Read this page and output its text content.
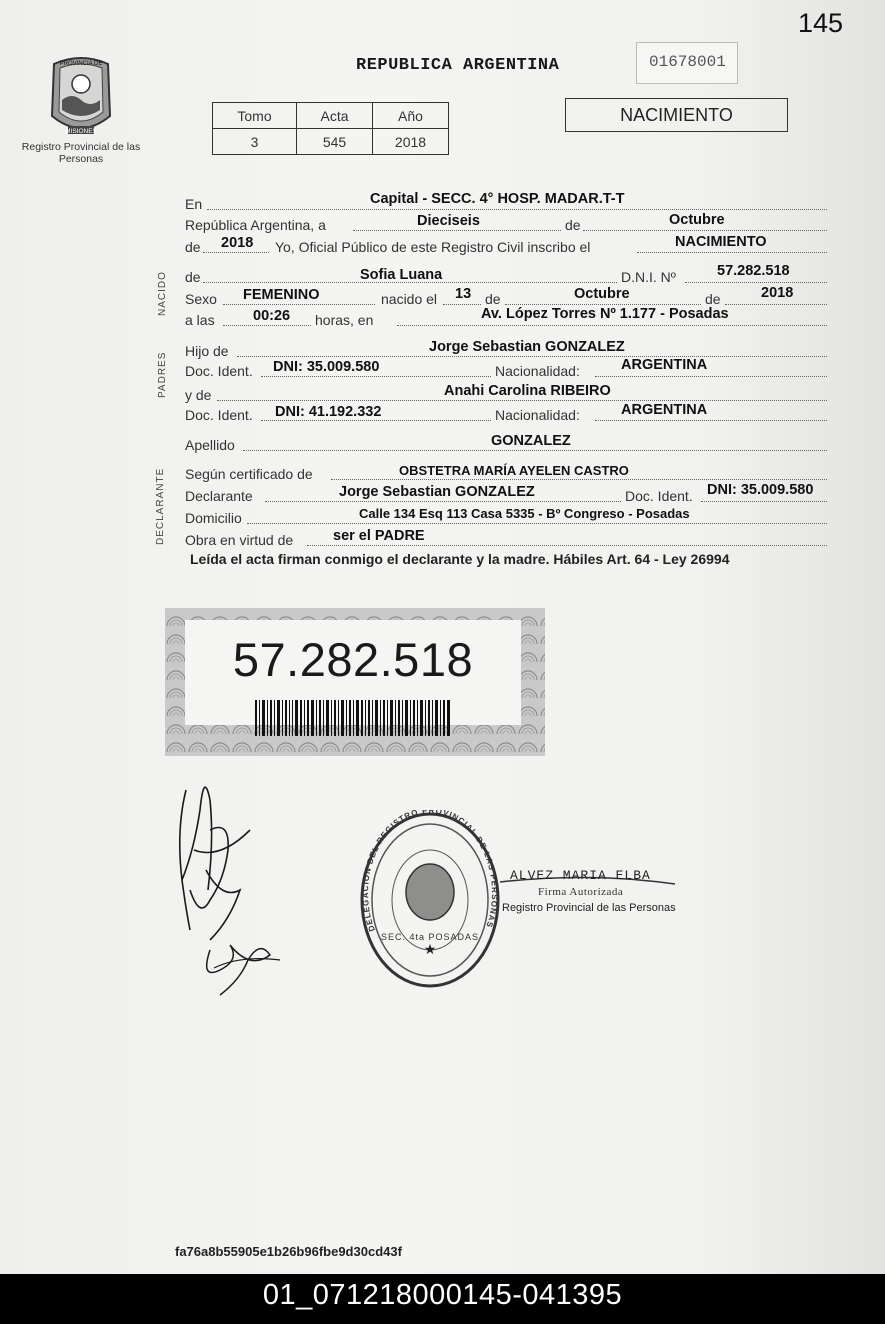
145
PROVINCIA DE
MISIONES
Registro Provincial de las Personas
REPUBLICA ARGENTINA	01678001
Tomo	Acta	Año
3	545	2018
NACIMIENTO
En	Capital - SECC. 4° HOSP. MADAR.T-T
República Argentina, a	Dieciseis	de	Octubre
de 2018 Yo, Oficial Público de este Registro Civil inscribo el	NACIMIENTO
de	Sofia Luana	D.N.I. Nº	57.282.518
Sexo FEMENINO	nacido el 13 de	Octubre	de	2018
a las	00:26 horas, en	Av. López Torres Nº 1.177 - Posadas
Hijo de	Jorge Sebastian GONZALEZ
Doc. Ident. DNI: 35.009.580	Nacionalidad:	ARGENTINA
y de	Anahi Carolina RIBEIRO
Doc. Ident. DNI: 41.192.332	Nacionalidad:	ARGENTINA
Apellido	GONZALEZ
Según certificado de	OBSTETRA MARÍA AYELEN CASTRO
Declarante	Jorge Sebastian GONZALEZ	Doc. Ident. DNI: 35.009.580
Domicilio	Calle 134 Esq 113 Casa 5335 - Bº Congreso - Posadas
Obra en virtud de	ser el PADRE
NACIDO
PADRES
DECLARANTE
Leída el acta firman conmigo el declarante y la madre. Hábiles Art. 64 - Ley 26994
57.282.518
★
DELEGACION DEL REGISTRO PROVINCIAL DE LAS PERSONAS
SEC. 4ta POSADAS
ALVEZ MARIA ELBA
Firma Autorizada
Registro Provincial de las Personas
fa76a8b55905e1b26b96fbe9d30cd43f
01_071218000145-041395
